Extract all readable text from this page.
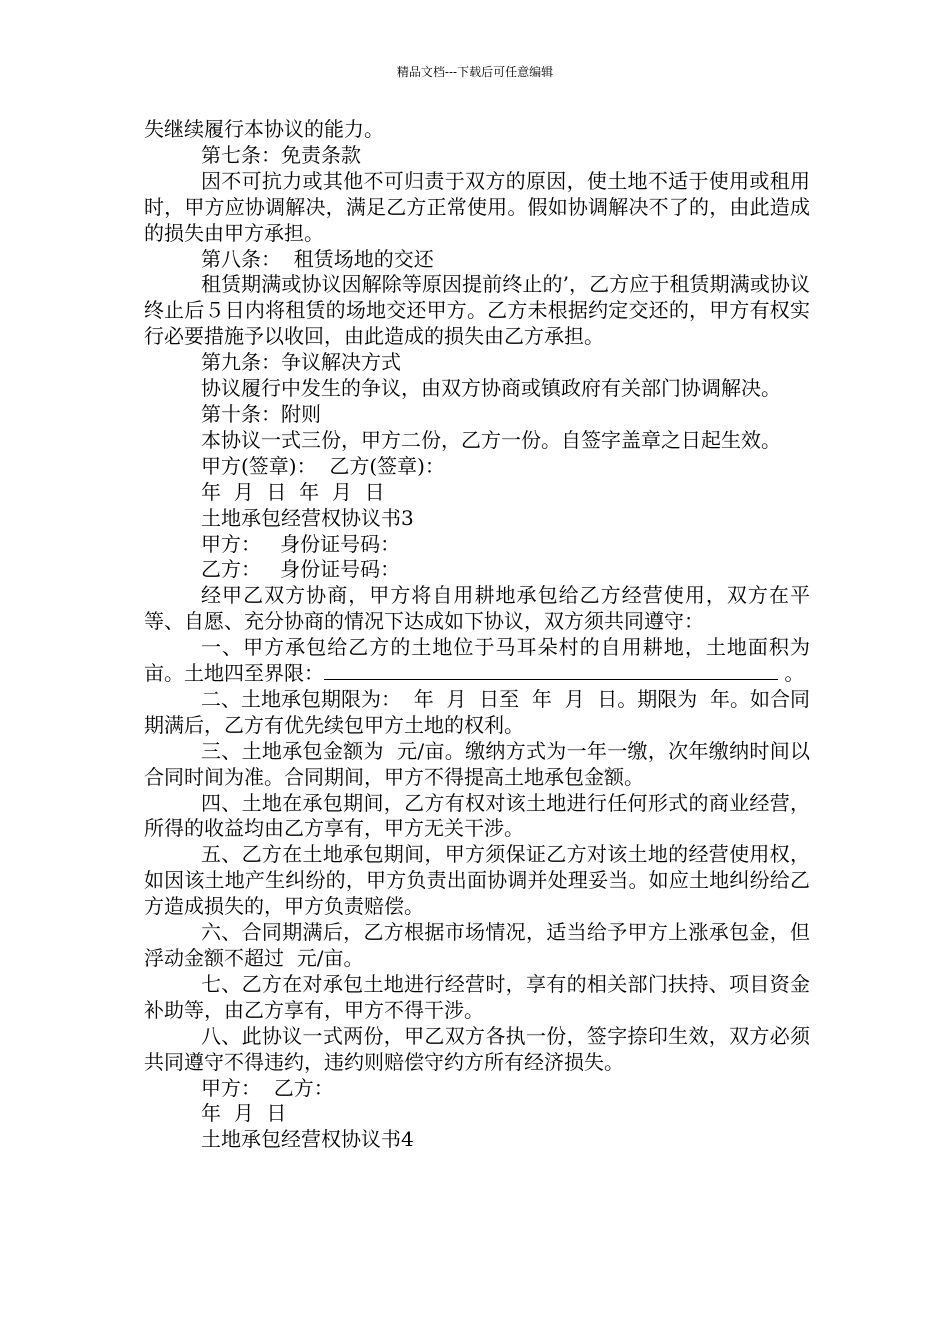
精品文档---下载后可任意编辑

失继续履行本协议的能力。

第七条：免责条款

因不可抗力或其他不可归责于双方的原因，使土地不适于使用或租用时，甲方应协调解决，满足乙方正常使用。假如协调解决不了的，由此造成的损失由甲方承担。

第八条：  租赁场地的交还

租赁期满或协议因解除等原因提前终止的’，乙方应于租赁期满或协议终止后５日内将租赁的场地交还甲方。乙方未根据约定交还的，甲方有权实行必要措施予以收回，由此造成的损失由乙方承担。

第九条：争议解决方式

协议履行中发生的争议，由双方协商或镇政府有关部门协调解决。

第十条：附则

本协议一式三份，甲方二份，乙方一份。自签字盖章之日起生效。

甲方(签章)：  乙方(签章)：

年  月  日  年  月  日

土地承包经营权协议书3

甲方：   身份证号码：

乙方：   身份证号码：

经甲乙双方协商，甲方将自用耕地承包给乙方经营使用，双方在平等、自愿、充分协商的情况下达成如下协议，双方须共同遵守：

一、甲方承包给乙方的土地位于马耳朵村的自用耕地，土地面积为亩。土地四至界限：	。

二、土地承包期限为：  年  月  日至  年  月  日。期限为  年。如合同期满后，乙方有优先续包甲方土地的权利。

三、土地承包金额为  元/亩。缴纳方式为一年一缴，次年缴纳时间以合同时间为准。合同期间，甲方不得提高土地承包金额。

四、土地在承包期间，乙方有权对该土地进行任何形式的商业经营，所得的收益均由乙方享有，甲方无关干涉。

五、乙方在土地承包期间，甲方须保证乙方对该土地的经营使用权，如因该土地产生纠纷的，甲方负责出面协调并处理妥当。如应土地纠纷给乙方造成损失的，甲方负责赔偿。

六、合同期满后，乙方根据市场情况，适当给予甲方上涨承包金，但浮动金额不超过  元/亩。

七、乙方在对承包土地进行经营时，享有的相关部门扶持、项目资金补助等，由乙方享有，甲方不得干涉。

八、此协议一式两份，甲乙双方各执一份，签字捺印生效，双方必须共同遵守不得违约，违约则赔偿守约方所有经济损失。

甲方：  乙方：

年  月  日

土地承包经营权协议书4
